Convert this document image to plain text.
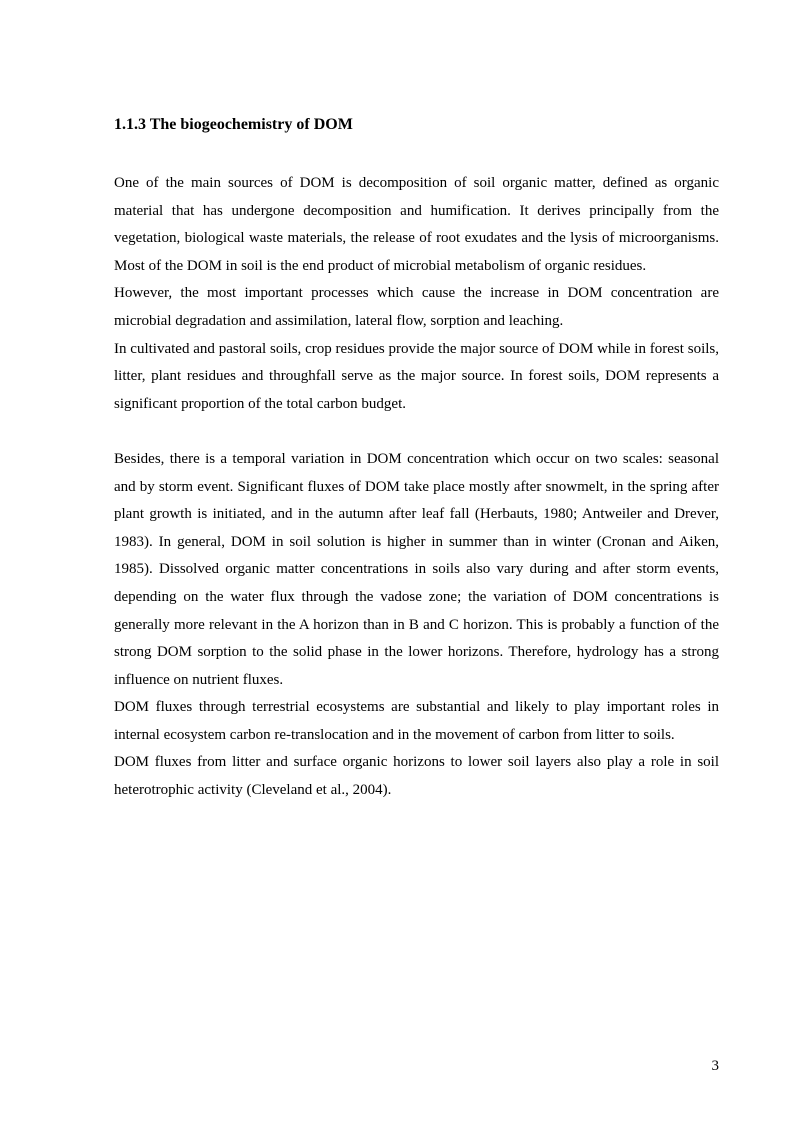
1.1.3 The biogeochemistry of DOM

One of the main sources of DOM is decomposition of soil organic matter, defined as organic material that has undergone decomposition and humification. It derives principally from the vegetation, biological waste materials, the release of root exudates and the lysis of microorganisms. Most of the DOM in soil is the end product of microbial metabolism of organic residues.

However, the most important processes which cause the increase in DOM concentration are microbial degradation and assimilation, lateral flow, sorption and leaching.

In cultivated and pastoral soils, crop residues provide the major source of DOM while in forest soils, litter, plant residues and throughfall serve as the major source. In forest soils, DOM represents a significant proportion of the total carbon budget.

Besides, there is a temporal variation in DOM concentration which occur on two scales: seasonal and by storm event. Significant fluxes of DOM take place mostly after snowmelt, in the spring after plant growth is initiated, and in the autumn after leaf fall (Herbauts, 1980; Antweiler and Drever, 1983). In general, DOM in soil solution is higher in summer than in winter (Cronan and Aiken, 1985). Dissolved organic matter concentrations in soils also vary during and after storm events, depending on the water flux through the vadose zone; the variation of DOM concentrations is generally more relevant in the A horizon than in B and C horizon. This is probably a function of the strong DOM sorption to the solid phase in the lower horizons. Therefore, hydrology has a strong influence on nutrient fluxes.

DOM fluxes through terrestrial ecosystems are substantial and likely to play important roles in internal ecosystem carbon re-translocation and in the movement of carbon from litter to soils.

DOM fluxes from litter and surface organic horizons to lower soil layers also play a role in soil heterotrophic activity (Cleveland et al., 2004).

3
